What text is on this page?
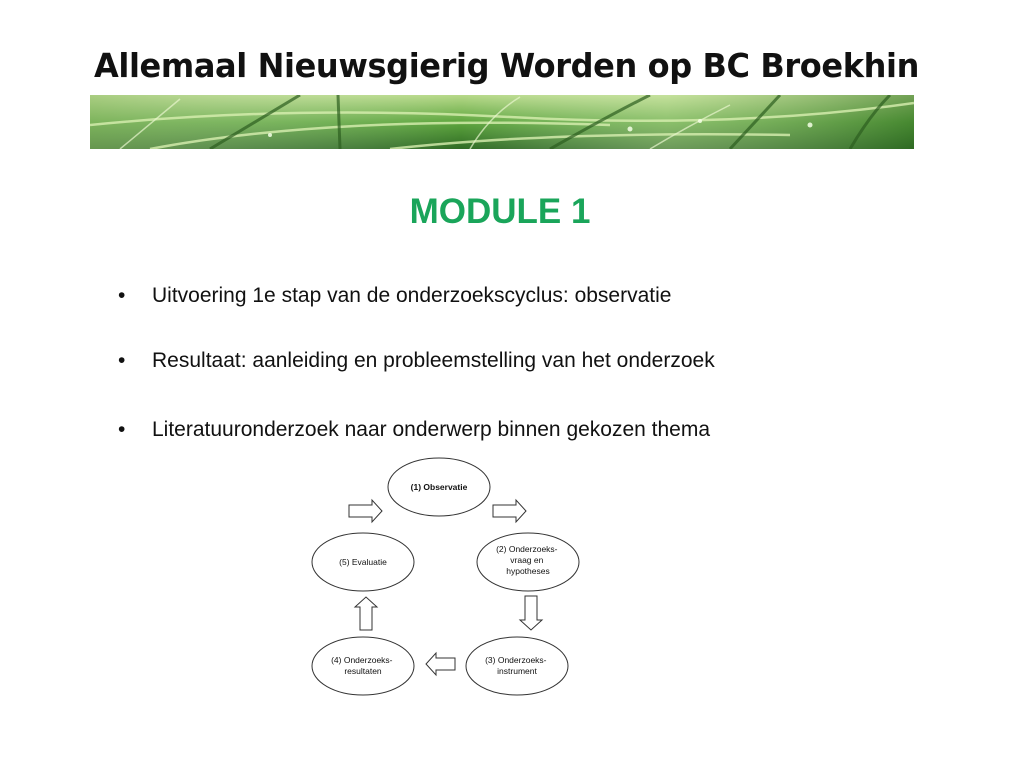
Allemaal Nieuwsgierig Worden op BC Broekhin
MODULE 1
• Uitvoering 1e stap van de onderzoekscyclus: observatie
• Resultaat: aanleiding en probleemstelling van het onderzoek
• Literatuuronderzoek naar onderwerp binnen gekozen thema
(1) Observatie
(2) Onderzoeks- vraag en hypotheses
(3) Onderzoeks- instrument
(4) Onderzoeks- resultaten
(5) Evaluatie
